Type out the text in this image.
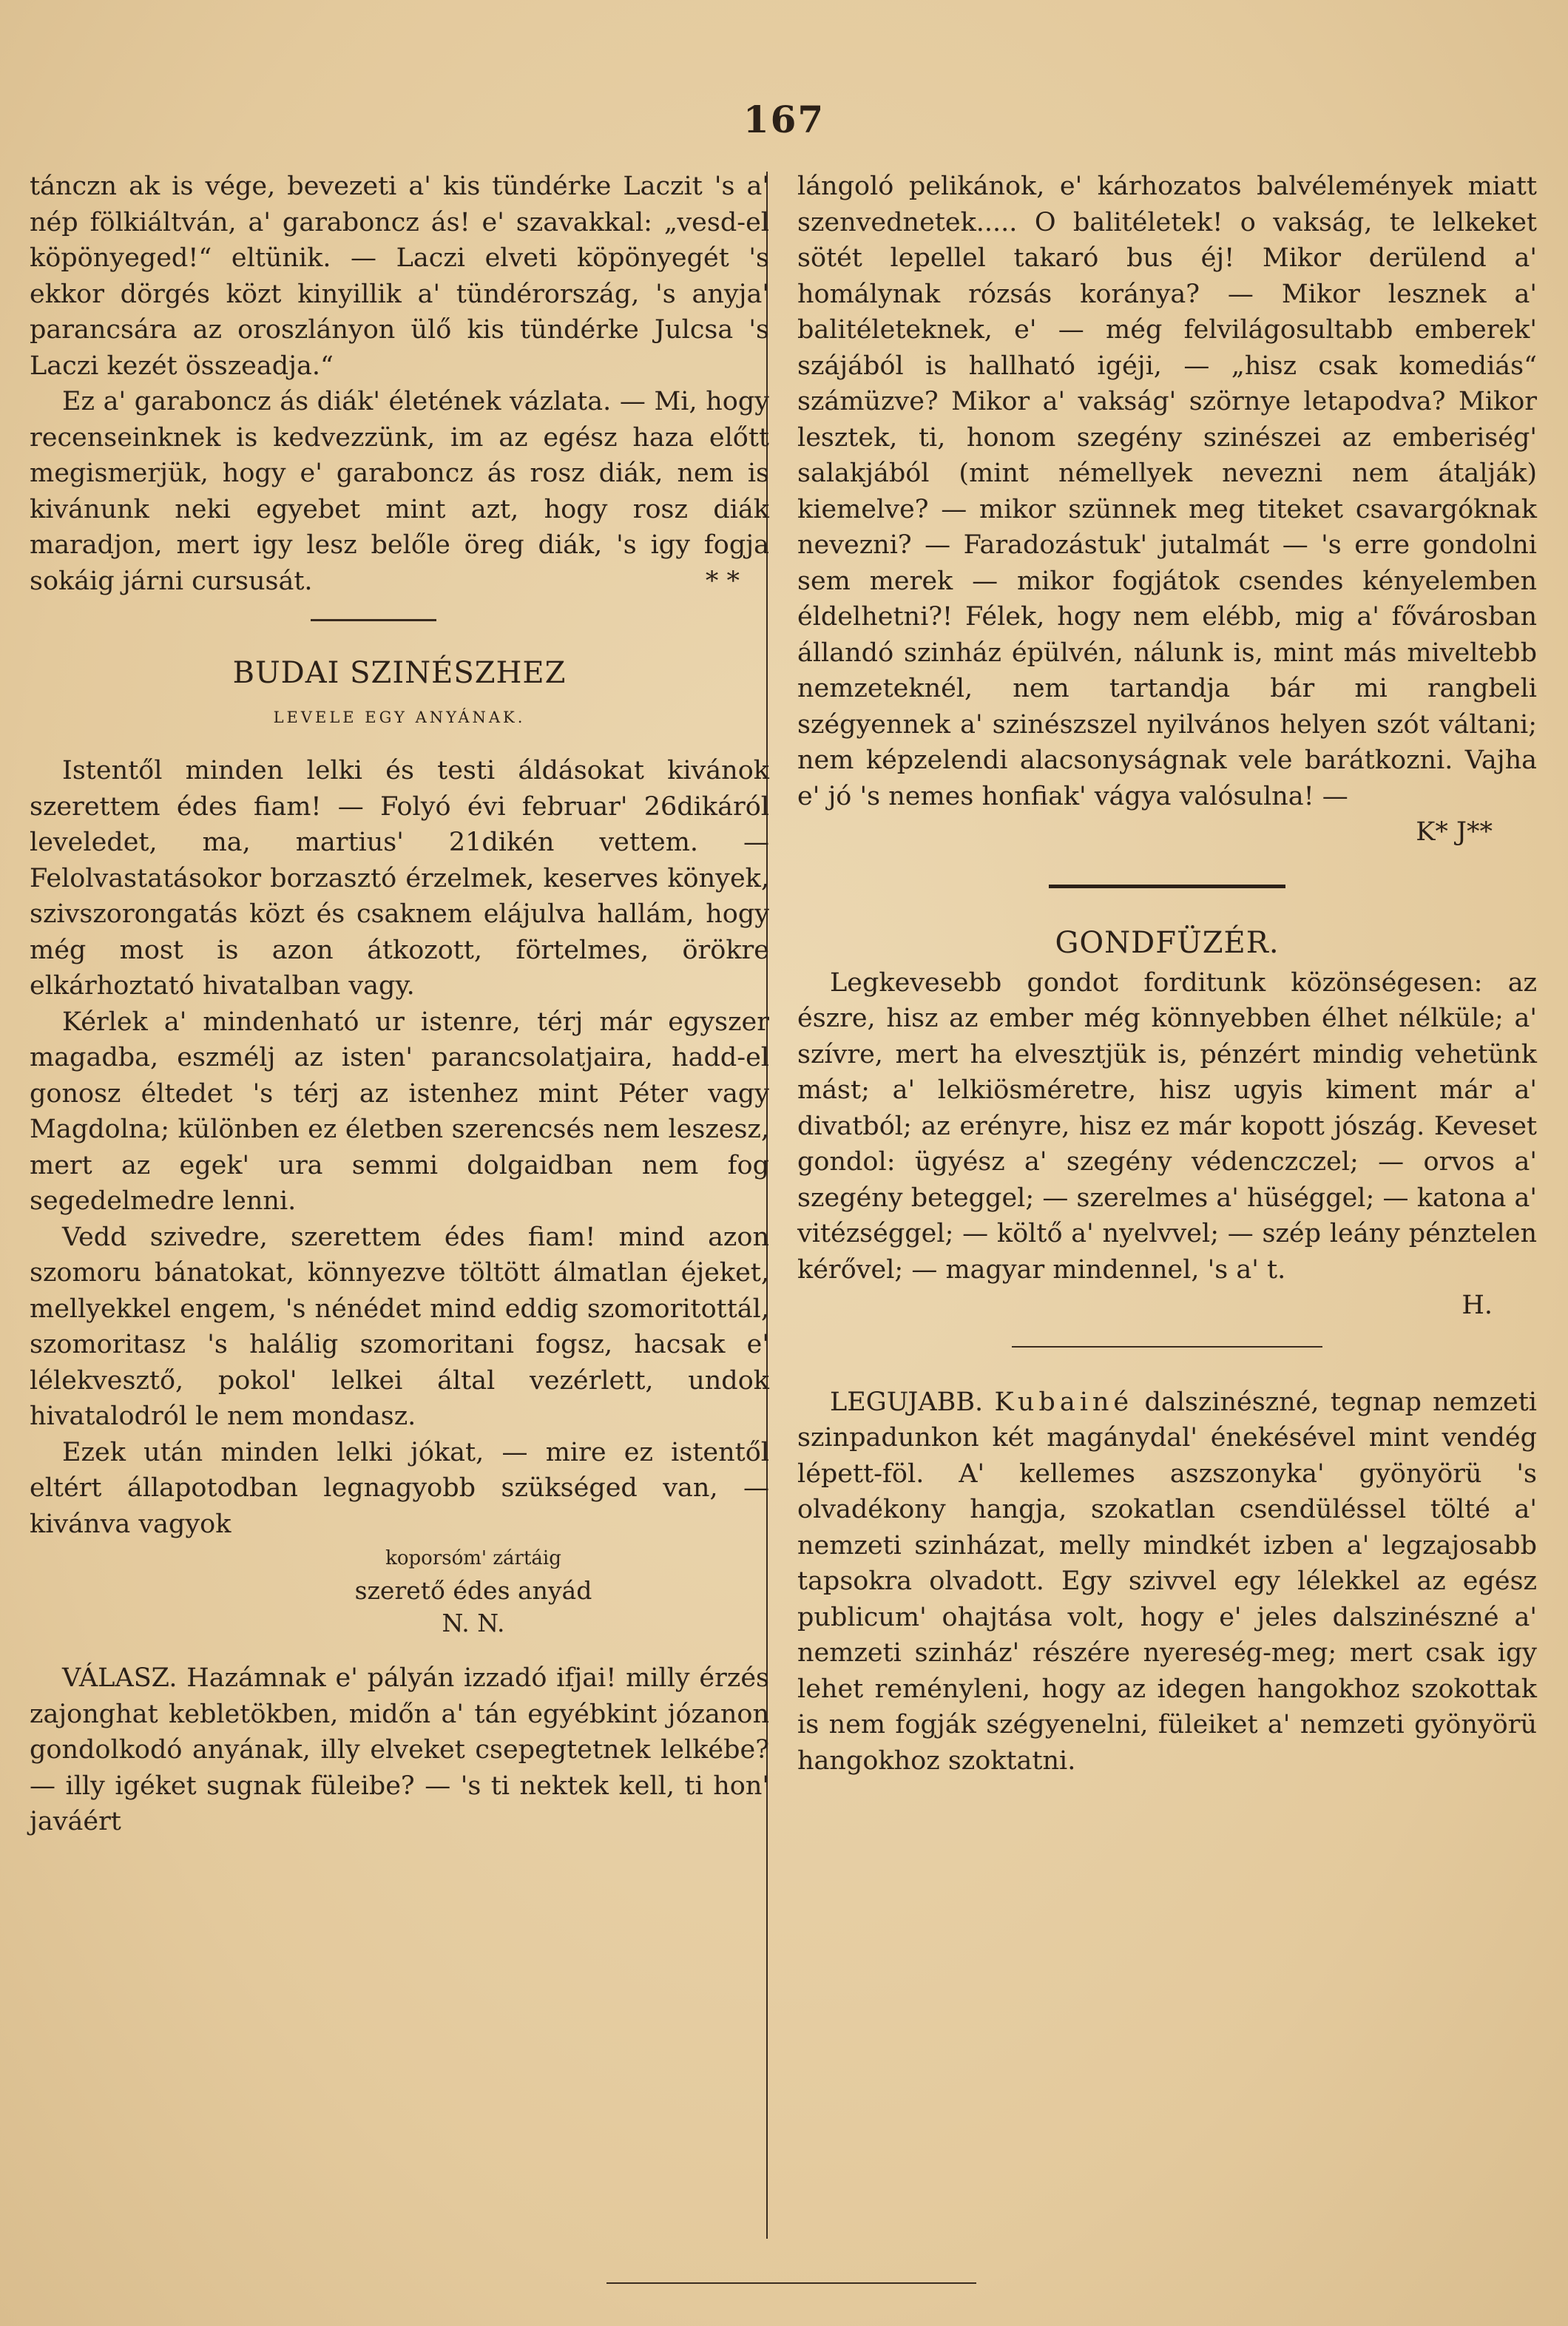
167

tánczn ak is vége, bevezeti a' kis tündérke Laczit 's a' nép fölkiáltván, a' garaboncz ás! e' szavakkal: „vesd-el köpönyeged!“ eltünik. — Laczi elveti köpönyegét 's ekkor dörgés közt kinyillik a' tündérország, 's anyja' parancsára az oroszlányon ülő kis tündérke Julcsa 's Laczi kezét összeadja.“

Ez a' garaboncz ás diák' életének vázlata. — Mi, hogy recenseinknek is kedvezzünk, im az egész haza előtt megismerjük, hogy e' garaboncz ás rosz diák, nem is kivánunk neki egyebet mint azt, hogy rosz diák maradjon, mert igy lesz belőle öreg diák, 's igy fogja sokáig járni cursusát.	* *
BUDAI SZINÉSZHEZ
LEVELE EGY ANYÁNAK.

Istentől minden lelki és testi áldásokat kivánok szerettem édes fiam! — Folyó évi februar' 26dikáról leveledet, ma, martius' 21dikén vettem. — Felolvastatásokor borzasztó érzelmek, keserves könyek, szivszorongatás közt és csaknem elájulva hallám, hogy még most is azon átkozott, förtelmes, örökre elkárhoztató hivatalban vagy.

Kérlek a' mindenható ur istenre, térj már egyszer magadba, eszmélj az isten' parancsolatjaira, hadd-el gonosz éltedet 's térj az istenhez mint Péter vagy Magdolna; különben ez életben szerencsés nem leszesz, mert az egek' ura semmi dolgaidban nem fog segedelmedre lenni.

Vedd szivedre, szerettem édes fiam! mind azon szomoru bánatokat, könnyezve töltött álmatlan éjeket, mellyekkel engem, 's nénédet mind eddig szomoritottál, szomoritasz 's halálig szomoritani fogsz, hacsak e' lélekvesztő, pokol' lelkei által vezérlett, undok hivatalodról le nem mondasz.

Ezek után minden lelki jókat, — mire ez istentől eltért állapotodban legnagyobb szükséged van, — kivánva vagyok

koporsóm' zártáig
szerető édes anyád
N. N.

VÁLASZ. Hazámnak e' pályán izzadó ifjai! milly érzés zajonghat kebletökben, midőn a' tán egyébkint józanon gondolkodó anyának, illy elveket csepegtetnek lelkébe? — illy igéket sugnak füleibe? — 's ti nektek kell, ti hon' javáért

lángoló pelikánok, e' kárhozatos balvélemények miatt szenvednetek..... O balitéletek! o vakság, te lelkeket sötét lepellel takaró bus éj! Mikor derülend a' homálynak rózsás koránya? — Mikor lesznek a' balitéleteknek, e' — még felvilágosultabb emberek' szájából is hallható igéji, — „hisz csak komediás“ számüzve? Mikor a' vakság' szörnye letapodva? Mikor lesztek, ti, honom szegény szinészei az emberiség' salakjából (mint némellyek nevezni nem átalják) kiemelve? — mikor szünnek meg titeket csavargóknak nevezni? — Faradozástuk' jutalmát — 's erre gondolni sem merek — mikor fogjátok csendes kényelemben éldelhetni?! Félek, hogy nem elébb, mig a' fővárosban állandó szinház épülvén, nálunk is, mint más miveltebb nemzeteknél, nem tartandja bár mi rangbeli szégyennek a' szinészszel nyilvános helyen szót váltani; nem képzelendi alacsonyságnak vele barátkozni. Vajha e' jó 's nemes honfiak' vágya valósulna! —

K* J**
GONDFÜZÉR.

Legkevesebb gondot forditunk közönségesen: az észre, hisz az ember még könnyebben élhet nélküle; a' szívre, mert ha elvesztjük is, pénzért mindig vehetünk mást; a' lelkiösméretre, hisz ugyis kiment már a' divatból; az erényre, hisz ez már kopott jószág. Keveset gondol: ügyész a' szegény védenczczel; — orvos a' szegény beteggel; — szerelmes a' hüséggel; — katona a' vitézséggel; — költő a' nyelvvel; — szép leány pénztelen kérővel; — magyar mindennel, 's a' t.

H.

LEGUJABB. Kubainé dalszinészné, tegnap nemzeti szinpadunkon két magánydal' énekésével mint vendég lépett-föl. A' kellemes aszszonyka' gyönyörü 's olvadékony hangja, szokatlan csendüléssel tölté a' nemzeti szinházat, melly mindkét izben a' legzajosabb tapsokra olvadott. Egy szivvel egy lélekkel az egész publicum' ohajtása volt, hogy e' jeles dalszinészné a' nemzeti szinház' részére nyereség-meg; mert csak igy lehet reményleni, hogy az idegen hangokhoz szokottak is nem fogják szégyenelni, füleiket a' nemzeti gyönyörü hangokhoz szoktatni.
